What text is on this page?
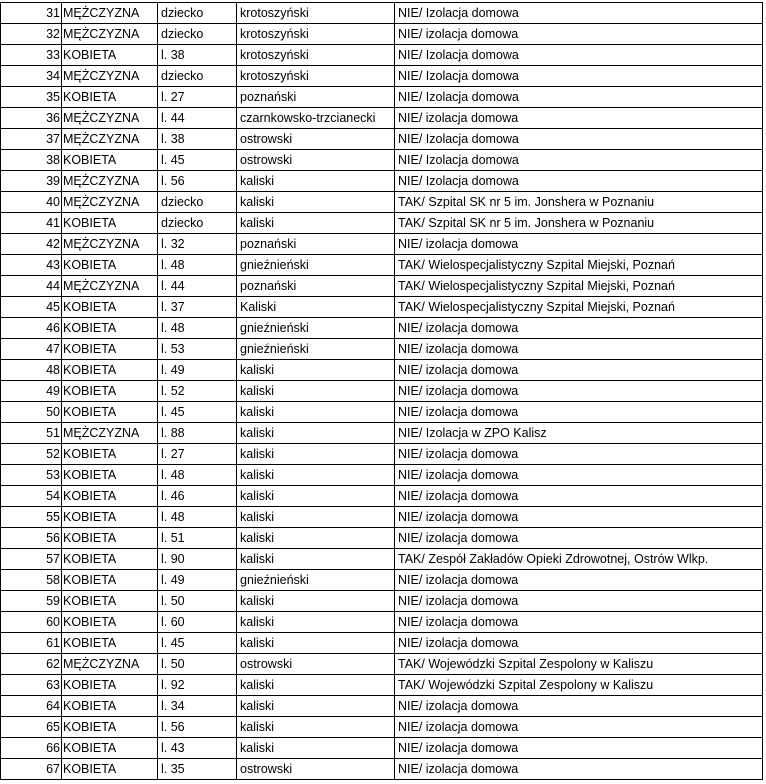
31	MĘŻCZYZNA	dziecko	krotoszyński	NIE/ Izolacja domowa
32	MĘŻCZYZNA	dziecko	krotoszyński	NIE/ izolacja domowa
33	KOBIETA	l. 38	krotoszyński	NIE/ Izolacja domowa
34	MĘŻCZYZNA	dziecko	krotoszyński	NIE/ Izolacja domowa
35	KOBIETA	l. 27	poznański	NIE/ Izolacja domowa
36	MĘŻCZYZNA	l. 44	czarnkowsko-trzcianecki	NIE/ izolacja domowa
37	MĘŻCZYZNA	l. 38	ostrowski	NIE/ Izolacja domowa
38	KOBIETA	l. 45	ostrowski	NIE/ Izolacja domowa
39	MĘŻCZYZNA	l. 56	kaliski	NIE/ Izolacja domowa
40	MĘŻCZYZNA	dziecko	kaliski	TAK/ Szpital SK nr 5 im. Jonshera w Poznaniu
41	KOBIETA	dziecko	kaliski	TAK/ Szpital SK nr 5 im. Jonshera w Poznaniu
42	MĘŻCZYZNA	l. 32	poznański	NIE/ izolacja domowa
43	KOBIETA	l. 48	gnieźnieński	TAK/ Wielospecjalistyczny Szpital Miejski, Poznań
44	MĘŻCZYZNA	l. 44	poznański	TAK/ Wielospecjalistyczny Szpital Miejski, Poznań
45	KOBIETA	l. 37	Kaliski	TAK/ Wielospecjalistyczny Szpital Miejski, Poznań
46	KOBIETA	l. 48	gnieźnieński	NIE/ izolacja domowa
47	KOBIETA	l. 53	gnieźnieński	NIE/ izolacja domowa
48	KOBIETA	l. 49	kaliski	NIE/ izolacja domowa
49	KOBIETA	l. 52	kaliski	NIE/ izolacja domowa
50	KOBIETA	l. 45	kaliski	NIE/ izolacja domowa
51	MĘŻCZYZNA	l. 88	kaliski	NIE/ Izolacja w ZPO Kalisz
52	KOBIETA	l. 27	kaliski	NIE/ izolacja domowa
53	KOBIETA	l. 48	kaliski	NIE/ izolacja domowa
54	KOBIETA	l. 46	kaliski	NIE/ izolacja domowa
55	KOBIETA	l. 48	kaliski	NIE/ izolacja domowa
56	KOBIETA	l. 51	kaliski	NIE/ izolacja domowa
57	KOBIETA	l. 90	kaliski	TAK/ Zespół Zakładów Opieki Zdrowotnej, Ostrów Wlkp.
58	KOBIETA	l. 49	gnieźnieński	NIE/ izolacja domowa
59	KOBIETA	l. 50	kaliski	NIE/ izolacja domowa
60	KOBIETA	l. 60	kaliski	NIE/ izolacja domowa
61	KOBIETA	l. 45	kaliski	NIE/ izolacja domowa
62	MĘŻCZYZNA	l. 50	ostrowski	TAK/ Wojewódzki Szpital Zespolony w Kaliszu
63	KOBIETA	l. 92	kaliski	TAK/ Wojewódzki Szpital Zespolony w Kaliszu
64	KOBIETA	l. 34	kaliski	NIE/ izolacja domowa
65	KOBIETA	l. 56	kaliski	NIE/ izolacja domowa
66	KOBIETA	l. 43	kaliski	NIE/ izolacja domowa
67	KOBIETA	l. 35	ostrowski	NIE/ izolacja domowa
